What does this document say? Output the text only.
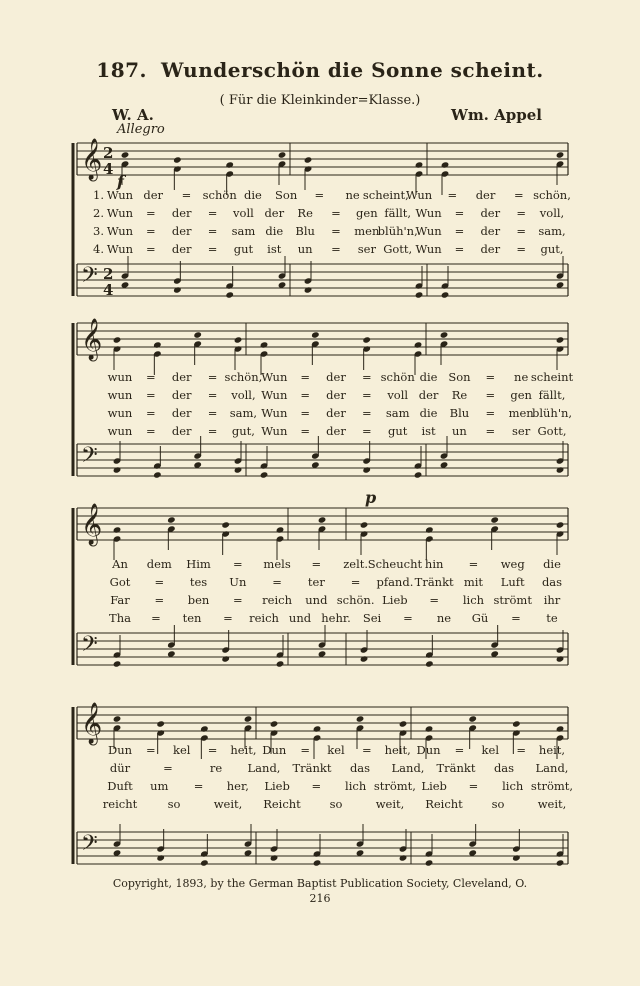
187. Wunderschön die Sonne scheint.
( Für die Kleinkinder=Klasse.)
W. A.	Wm. Appel
Allegro
f
p
𝄞 2
4
𝄢 2
4
𝄞
𝄢
𝄞
𝄢
𝄞
𝄢
1. Wun der = schön die Son = ne scheint,
Wun = der = schön,
2. Wun = der = voll der Re = gen fällt, Wun = der = voll,
3. Wun = der = sam die Blu = men
blüh'n,
Wun = der = sam,
4. Wun = der = gut ist un = ser Gott, Wun = der = gut,
wun = der = schön,
Wun = der = schön die Son = ne scheint
wun = der = voll, Wun = der = voll der Re = gen fällt,
wun = der = sam, Wun = der = sam die Blu = men
blüh'n,
wun = der = gut, Wun = der = gut ist un = ser Gott,
An dem Him = mels = zelt. Scheucht hin = weg die
Got = tes Un = ter = pfand. Tränkt mit Luft das
Far = ben = reich und schön. Lieb = lich strömt ihr
Tha = ten = reich und hehr. Sei = ne Gü = te
Dun = kel = heit, Dun = kel = heit, Dun = kel = heit,
dür	=	re Land, Tränkt das Land, Tränkt das Land,
Duft um = her, Lieb = lich strömt, Lieb = lich strömt,
reicht	so	weit, Reicht	so	weit, Reicht	so	weit,
Copyright, 1893, by the German Baptist Publication Society, Cleveland, O.
216
